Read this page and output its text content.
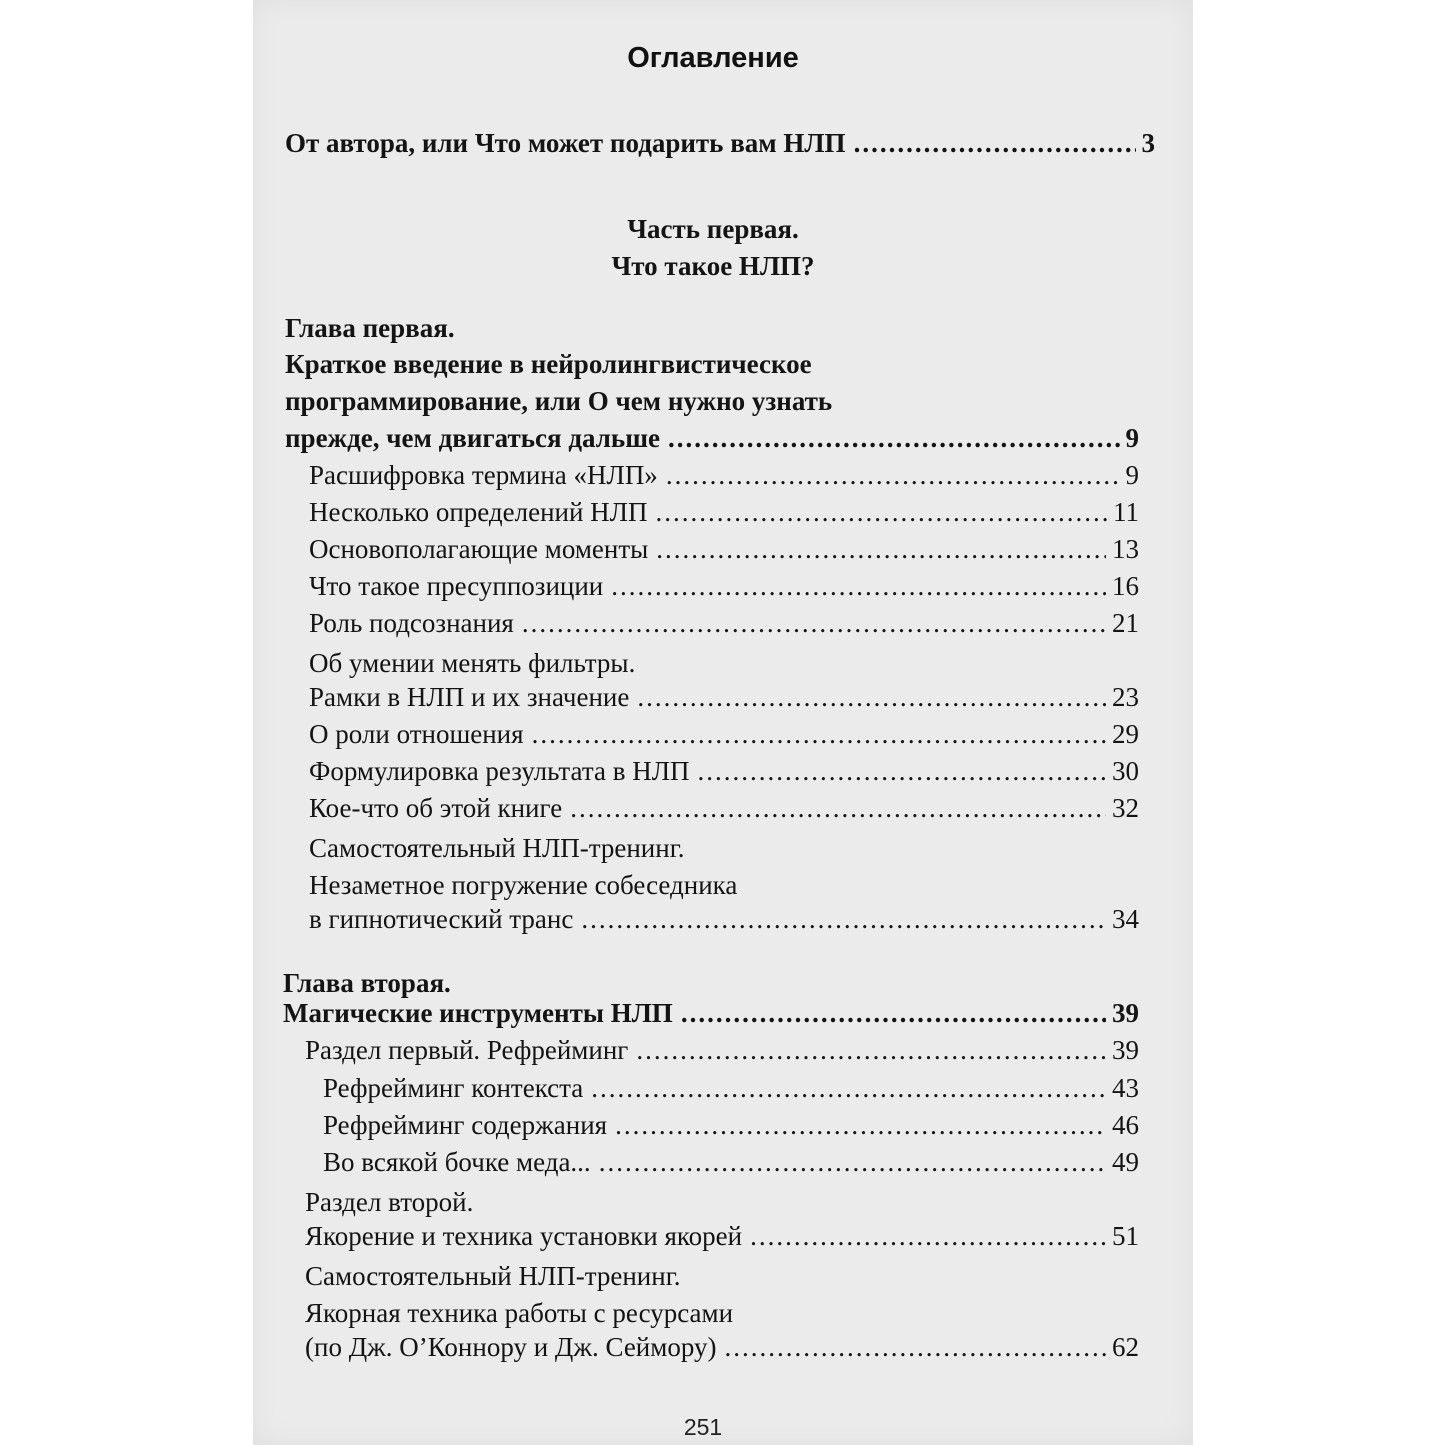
Оглавление
От автора, или Что может подарить вам НЛП .....	3
Часть первая.
Что такое НЛП?
Глава первая.
Краткое введение в нейролингвистическое
программирование, или О чем нужно узнать
прежде, чем двигаться дальше .....	9
Расшифровка термина «НЛП» .....	9
Несколько определений НЛП .....	11
Основополагающие моменты .....	13
Что такое пресуппозиции .....	16
Роль подсознания .....	21
Об умении менять фильтры.
Рамки в НЛП и их значение .....	23
О роли отношения .....	29
Формулировка результата в НЛП .....	30
Кое-что об этой книге .....	32
Самостоятельный НЛП-тренинг.
Незаметное погружение собеседника
в гипнотический транс .....	34
Глава вторая.
Магические инструменты НЛП .....	39
Раздел первый. Рефрейминг .....	39
Рефрейминг контекста .....	43
Рефрейминг содержания .....	46
Во всякой бочке меда... .....	49
Раздел второй.
Якорение и техника установки якорей .....	51
Самостоятельный НЛП-тренинг.
Якорная техника работы с ресурсами
(по Дж. О’Коннору и Дж. Сеймору) .....	62
251
